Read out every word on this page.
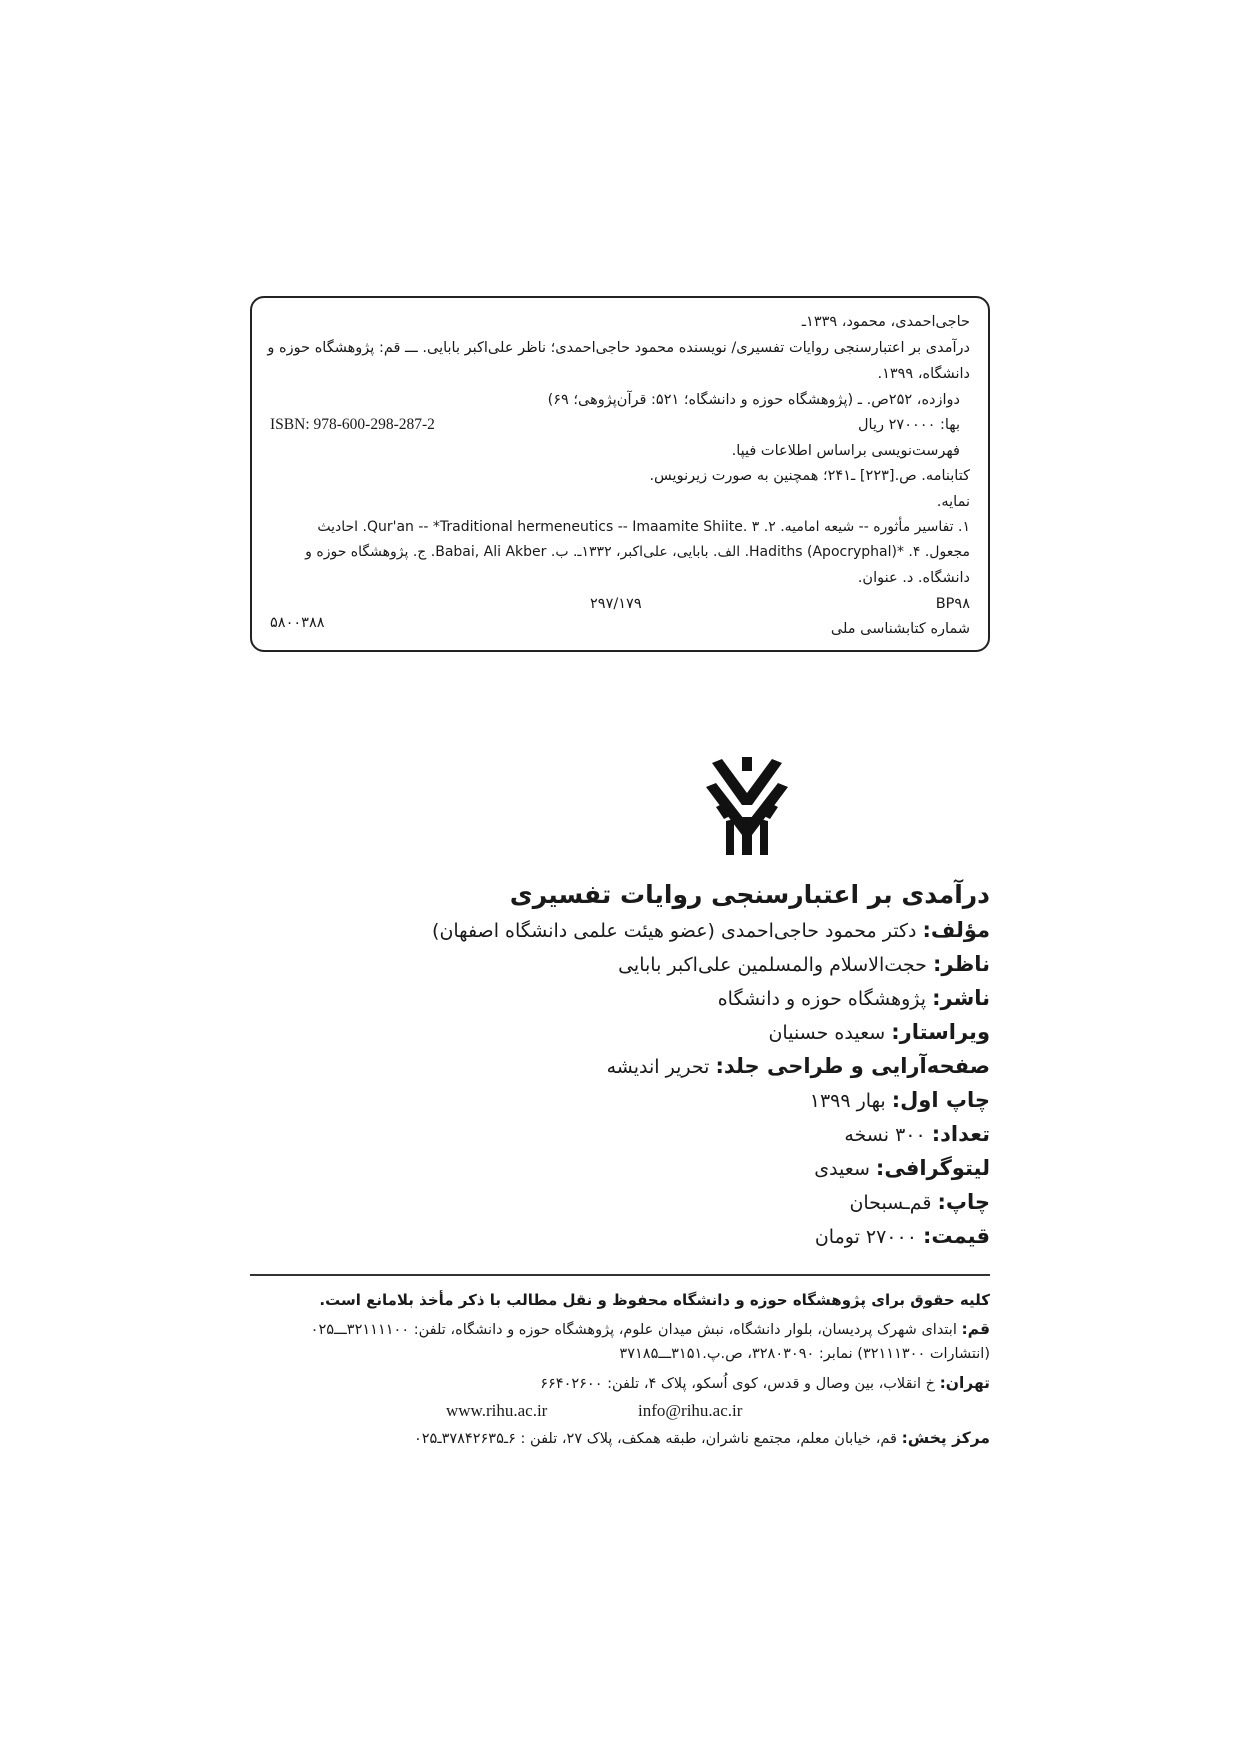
حاجی‌احمدی، محمود، ۱۳۳۹ـ
درآمدی بر اعتبارسنجی روایات تفسیری/ نویسنده محمود حاجی‌احمدی؛ ناظر علی‌اکبر بابایی. ـــ قم: پژوهشگاه حوزه و
دانشگاه، ۱۳۹۹.
دوازده، ۲۵۲ص. ـ (پژوهشگاه حوزه و دانشگاه؛ ۵۲۱: قرآن‌پژوهی؛ ۶۹)
ISBN: 978-600-298-287-2	بها: ۲۷۰۰۰۰ ریال
فهرست‌نویسی براساس اطلاعات فیپا.
کتابنامه. ص.[۲۲۳] ـ۲۴۱؛ همچنین به صورت زیرنویس.
نمایه.
۱. تفاسیر مأثوره -- شیعه امامیه. ۲. Qur'an -- *Traditional hermeneutics -- Imaamite Shiite. ۳. احادیث
مجعول. ۴. *Hadiths (Apocryphal). الف. بابایی، علی‌اکبر، ۱۳۳۲ـ. ب. Babai, Ali Akber. ج. پژوهشگاه حوزه و
دانشگاه. د. عنوان.
BP۹۸
۲۹۷/۱۷۹
شماره کتابشناسی ملی
۵۸۰۰۳۸۸
درآمدی بر اعتبارسنجی روایات تفسیری
مؤلف: دکتر محمود حاجی‌احمدی (عضو هیئت علمی دانشگاه اصفهان)
ناظر: حجت‌الاسلام والمسلمین علی‌اکبر بابایی
ناشر: پژوهشگاه حوزه و دانشگاه
ویراستار: سعیده حسنیان
صفحه‌آرایی و طراحی جلد: تحریر اندیشه
چاپ اول: بهار ۱۳۹۹
تعداد: ۳۰۰ نسخه
لیتوگرافی: سعیدی
چاپ: قم‌ـسبحان
قیمت: ۲۷۰۰۰ تومان
کلیه حقوق برای پژوهشگاه حوزه و دانشگاه محفوظ و نقل مطالب با ذکر مأخذ بلامانع است.
قم: ابتدای شهرک پردیسان، بلوار دانشگاه، نبش میدان علوم، پژوهشگاه حوزه و دانشگاه، تلفن: ۳۲۱۱۱۱۰۰ـــ۰۲۵
(انتشارات ۳۲۱۱۱۳۰۰) نمابر: ۳۲۸۰۳۰۹۰، ص.پ.۳۱۵۱ـــ۳۷۱۸۵
تهران: خ انقلاب، بین وصال و قدس، کوی اُسکو، پلاک ۴، تلفن: ۶۶۴۰۲۶۰۰
www.rihu.ac.ir	info@rihu.ac.ir
مرکز پخش: قم، خیابان معلم، مجتمع ناشران، طبقه همکف، پلاک ۲۷، تلفن : ۶ـ۳۷۸۴۲۶۳۵ـ۰۲۵
